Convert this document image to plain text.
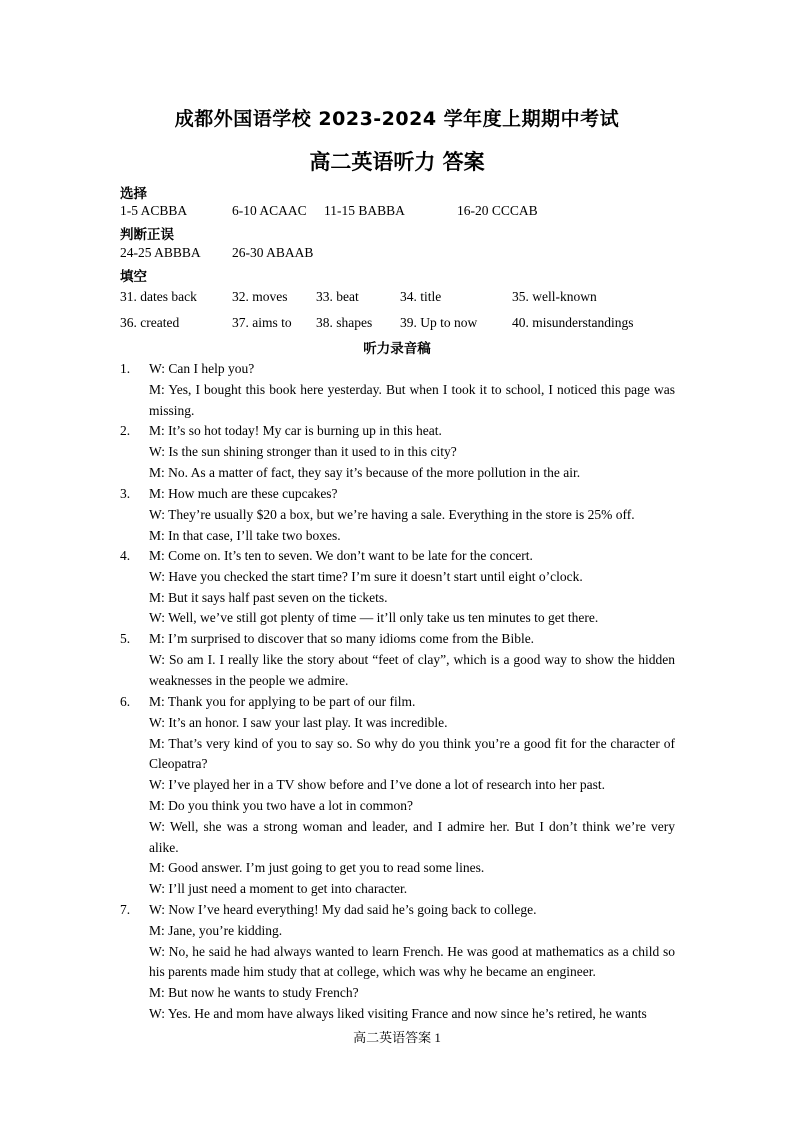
成都外国语学校 2023-2024 学年度上期期中考试
高二英语听力 答案
选择
1-5 ACBBA	6-10 ACAAC 11-15 BABBA	16-20 CCCAB
判断正误
24-25 ABBBA 26-30 ABAAB
填空
31. dates back	32. moves 33. beat	34. title	35. well-known
36. created	37. aims to 38. shapes 39. Up to now	40. misunderstandings
听力录音稿
1. W: Can I help you?
M: Yes, I bought this book here yesterday. But when I took it to school, I noticed this page was missing.
2. M: It’s so hot today! My car is burning up in this heat.
W: Is the sun shining stronger than it used to in this city?
M: No. As a matter of fact, they say it’s because of the more pollution in the air.
3. M: How much are these cupcakes?
W: They’re usually $20 a box, but we’re having a sale. Everything in the store is 25% off.
M: In that case, I’ll take two boxes.
4. M: Come on. It’s ten to seven. We don’t want to be late for the concert.
W: Have you checked the start time? I’m sure it doesn’t start until eight o’clock.
M: But it says half past seven on the tickets.
W: Well, we’ve still got plenty of time — it’ll only take us ten minutes to get there.
5. M: I’m surprised to discover that so many idioms come from the Bible.
W: So am I. I really like the story about “feet of clay”, which is a good way to show the hidden weaknesses in the people we admire.
6. M: Thank you for applying to be part of our film.
W: It’s an honor. I saw your last play. It was incredible.
M: That’s very kind of you to say so. So why do you think you’re a good fit for the character of Cleopatra?
W: I’ve played her in a TV show before and I’ve done a lot of research into her past.
M: Do you think you two have a lot in common?
W: Well, she was a strong woman and leader, and I admire her. But I don’t think we’re very alike.
M: Good answer. I’m just going to get you to read some lines.
W: I’ll just need a moment to get into character.
7. W: Now I’ve heard everything! My dad said he’s going back to college.
M: Jane, you’re kidding.
W: No, he said he had always wanted to learn French. He was good at mathematics as a child so his parents made him study that at college, which was why he became an engineer.
M: But now he wants to study French?
W: Yes. He and mom have always liked visiting France and now since he’s retired, he wants
高二英语答案 1
